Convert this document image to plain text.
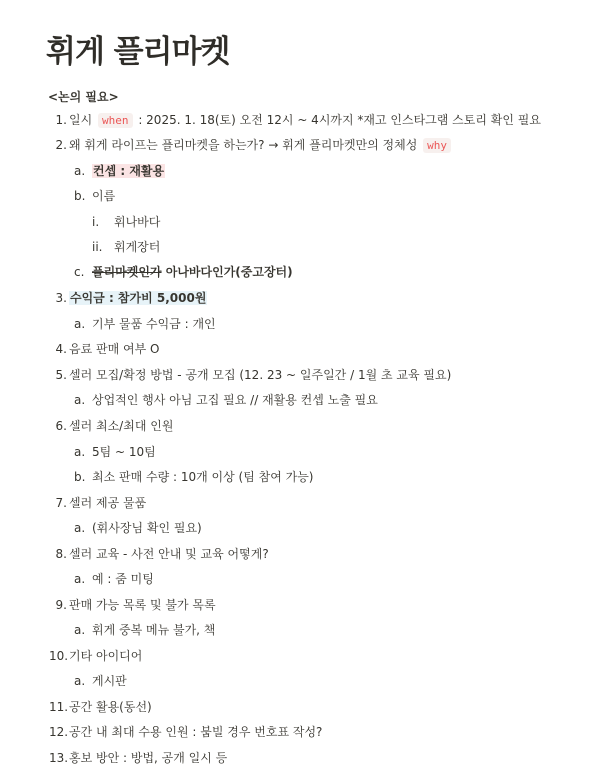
휘게 플리마켓
<논의 필요>
1. 일시 when : 2025. 1. 18(토) 오전 12시 ~ 4시까지 *재고 인스타그램 스토리 확인 필요
2. 왜 휘게 라이프는 플리마켓을 하는가? → 휘게 플리마켓만의 정체성 why
a. 컨셉 : 재활용
b. 이름
i.	휘나바다
ii. 휘게장터
c. 플리마켓인가 아나바다인가(중고장터)
3. 수익금 : 참가비 5,000원
a. 기부 물품 수익금 : 개인
4. 음료 판매 여부 O
5. 셀러 모집/확정 방법 - 공개 모집 (12. 23 ~ 일주일간 / 1월 초 교육 필요)
a. 상업적인 행사 아님 고집 필요 // 재활용 컨셉 노출 필요
6. 셀러 최소/최대 인원
a. 5팀 ~ 10팀
b. 최소 판매 수량 : 10개 이상 (팀 참여 가능)
7. 셀러 제공 물품
a. (휘사장님 확인 필요)
8. 셀러 교육 - 사전 안내 및 교육 어떻게?
a. 예 : 줌 미팅
9. 판매 가능 목록 및 불가 목록
a. 휘게 중복 메뉴 불가, 책
10. 기타 아이디어
a. 게시판
11. 공간 활용(동선)
12. 공간 내 최대 수용 인원 : 붐빌 경우 번호표 작성?
13. 홍보 방안 : 방법, 공개 일시 등
